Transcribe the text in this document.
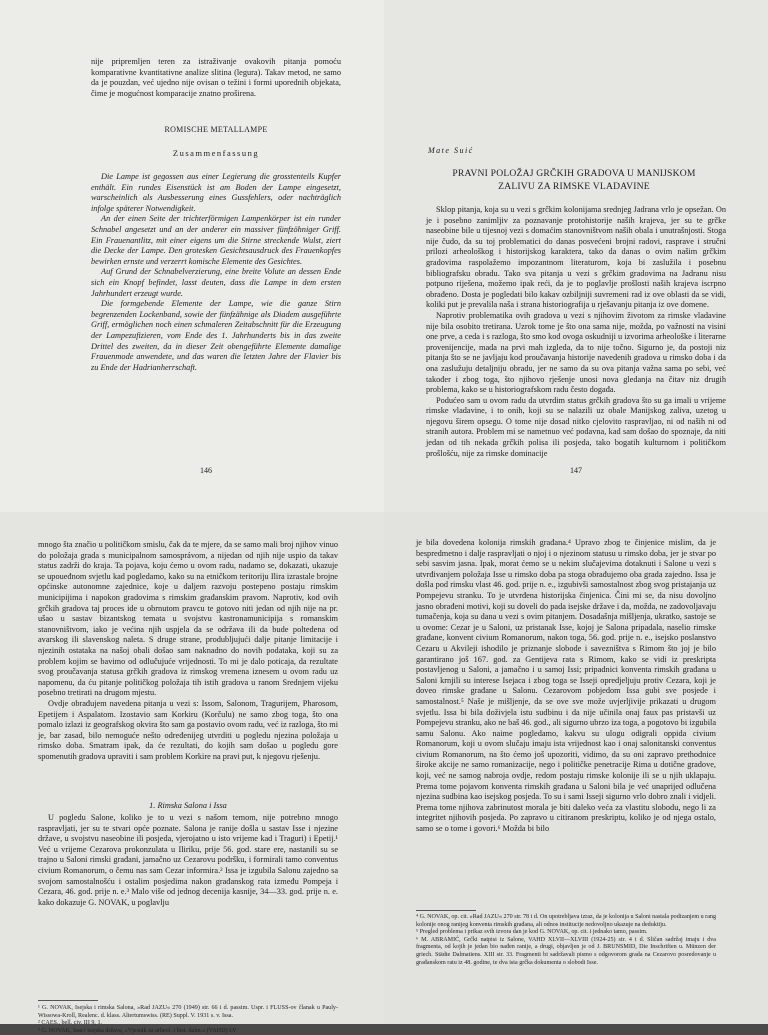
nije pripremljen teren za istraživanje ovakovih pitanja pomoću komparativne kvantitativne analize slitina (legura). Takav metod, ne samo da je pouzdan, već ujedno nije ovisan o težini i formi uporednih objekata, čime je mogućnost komparacije znatno proširena.

ROMISCHE METALLAMPE
Zusammenfassung

Die Lampe ist gegossen aus einer Legierung die grosstenteils Kupfer enthält. Ein rundes Eisenstück ist am Boden der Lampe eingesetzt, warscheinlich als Ausbesserung eines Gussfehlers, oder nachträglich infolge späterer Notwendigkeit.

An der einen Seite der trichterförmigen Lampenkörper ist ein runder Schnabel angesetzt und an der anderer ein massiver fünfzöhniger Griff. Ein Frauenantlitz, mit einer eigens um die Stirne streckende Wulst, ziert die Decke der Lampe. Den grotesken Gesichtsausdruck des Frauenkopfes bewirken ernste und verzerrt komische Elemente des Gesichtes.

Auf Grund der Schnabelverzierung, eine breite Volute an dessen Ende sich ein Knopf befindet, lasst deuten, dass die Lampe in dem ersten Jahrhundert erzeugt wurde.

Die formgebende Elemente der Lampe, wie die ganze Stirn begrenzenden Lockenband, sowie der fünfzähnige als Diadem ausgeführte Griff, ermöglichen noch einen schmaleren Zeitabschnitt für die Erzeugung der Lampezufizieren, vom Ende des 1. Jahrhunderts bis in das zweite Drittel des zweiten, da in dieser Zeit obengeführte Elemente damalige Frauenmode anwendete, und das waren die letzten Jahre der Flavier bis zu Ende der Hadrianherrschaft.

146
Mate Suić
PRAVNI POLOŽAJ GRČKIH GRADOVA U MANIJSKOM
ZALIVU ZA RIMSKE VLADAVINE

Sklop pitanja, koja su u vezi s grčkim kolonijama srednjeg Jadrana vrlo je opsežan. On je i posebno zanimljiv za poznavanje protohistorije naših krajeva, jer su te grčke naseobine bile u tijesnoj vezi s domaćim stanovništvom naših obala i unutrašnjosti. Stoga nije čudo, da su toj problematici do danas posvećeni brojni radovi, rasprave i stručni prilozi arheološkog i historijskog karaktera, tako da danas o ovim našim grčkim gradovima raspolažemo impozantnom literaturom, koja bi zaslužila i posebnu bibliografsku obradu. Tako sva pitanja u vezi s grčkim gradovima na Jadranu nisu potpuno riješena, možemo ipak reći, da je to poglavlje prošlosti naših krajeva iscrpno obrađeno. Dosta je pogledati bilo kakav ozbiljniji suvremeni rad iz ove oblasti da se vidi, koliki put je prevalila naša i strana historiografija u rješavanju pitanja iz ove domene.

Naprotiv problematika ovih gradova u vezi s njihovim životom za rimske vladavine nije bila osobito tretirana. Uzrok tome je što ona sama nije, možda, po važnosti na visini one prve, a ceda i s razloga, što smo kod ovoga oskudniji u izvorima arheološke i literarne provenijencije, mada na prvi mah izgleda, da to nije točno. Sigurno je, da postoji niz pitanja što se ne javljaju kod proučavanja historije navedenih gradova u rimsko doba i da ona zaslužuju detaljniju obradu, jer ne samo da su ova pitanja važna sama po sebi, već također i zbog toga, što njihovo rješenje unosi nova gledanja na čitav niz drugih problema, kako se u historiografskom radu često događa.

Podućeo sam u ovom radu da utvrdim status grčkih gradova što su ga imali u vrijeme rimske vladavine, i to onih, koji su se nalazili uz obale Manijskog zaliva, uzetog u njegovu širem opsegu. O tome nije dosad nitko cjelovito raspravljao, ni od naših ni od stranih autora. Problem mi se nametnuo već podavna, kad sam došao do spoznaje, da niti jedan od tih nekada grčkih polisa ili posjeda, tako bogatih kulturnom i političkom prošlošću, nije za rimske dominacije

147

mnogo šta značio u političkom smislu, čak da te mjere, da se samo mali broj njihov vinuo do položaja grada s municipalnom samosprávom, a nijedan od njih nije uspio da takav status zadrži do kraja. Ta pojava, koju ćemo u ovom radu, nadamo se, dokazati, ukazuje se upoueđnom svjetlu kad pogledamo, kako su na etničkom teritoriju Ilira izrastale brojne općinske autonomne zajednice, koje u daljem razvoju postepeno postaju rimskim municipijima i napokon gradovima s rimskim građanskim pravom. Naprotiv, kod ovih grčkih gradova taj proces ide u obrnutom pravcu te gotovo niti jedan od njih nije na pr. ušao u sastav bizantskog temata u svojstvu kastronamunicipija s romanskim stanovništvom, iako je većina njih uspjela da se održava ili da bude poltedena od avarskog ili slavenskog naleta. S druge strane, produbljujući dalje pitanje limitacije i njezinih ostataka na našoj obali došao sam naknadno do novih podataka, koji su za problem kojim se bavimo od odlučujuće vrijednosti. To mi je dalo poticaja, da rezultate svog proučavanja statusa grčkih gradova iz rimskog vremena iznesem u ovom radu uz napomenu, da ću pitanje političkog položaja tih istih gradova u ranom Srednjem vijeku posebno tretirati na drugom mjestu.

Ovdje obrađujem navedena pitanja u vezi s: Issom, Salonom, Tragurijem, Pharosom, Epetijem i Aspalatom. Izostavio sam Korkiru (Korčulu) ne samo zbog toga, što ona pomalo izlazi iz geografskog okvira što sam ga postavio ovom radu, već iz razloga, što mi je, bar zasad, bilo nemoguće nešto određenijeg utvrditi u pogledu njezina položaja u rimsko doba. Smatram ipak, da će rezultati, do kojih sam došao u pogledu gore spomenutih gradova upraviti i sam problem Korkire na pravi put, k njegovu rješenju.

1. Rimska Salona i Issa

U pogledu Salone, koliko je to u vezi s našom temom, nije potrebno mnogo raspravljati, jer su te stvari opće poznate. Salona je ranije došla u sastav Isse i njezine države, u svojstvu naseobine ili posjeda, vjerojatno u isto vrijeme kad i Traguri) i Epetij.¹ Već u vrijeme Cezarova prokonzulata u Iliriku, prije 56. god. stare ere, nastanili su se trajno u Saloni rimski građani, jamačno uz Cezarovu podršku, i formirali tamo conventus civium Romanorum, o čemu nas sam Cezar informira.² Issa je izgubila Salonu zajedno sa svojom samostalnošću i ostalim posjedima nakon građanskog rata između Pompeja i Cezara, 46. god. prije n. e.³ Malo više od jednog decenija kasnije, 34—33. god. prije n. e. kako dokazuje G. NOVAK, u poglavlju

¹ G. NOVAK, Isejska i rimska Salona, »Rad JAZU« 270 (1949) str. 66 i d. passim. Uspr. i FLUSS-ov članak u Pauly-Wissowa-Kroll, Realenc. d. klass. Altertumswiss. (RE) Suppl. V. 1931 s. v. Issa.

² CAES., bell. civ. III 9, 1.

³ G. NOVAK, Issa i isejska država, »Vjesnik za arheol. i hist. dalm.« (VAHD) LV

je bila dovedena kolonija rimskih građana.⁴ Upravo zbog te činjenice mislim, da je bespredmetno i dalje raspravljati o njoj i o njezinom statusu u rimsko doba, jer je stvar po sebi sasvim jasna. Ipak, morat ćemo se u nekim slučajevima dotaknuti i Salone u vezi s utvrđivanjem položaja Isse u rimsko doba pa stoga obrađujemo oba grada zajedno. Issa je došla pod rimsku vlast 46. god. prije n. e., izgubivši samostalnost zbog svog pristajanja uz Pompejevu stranku. To je utvrđena historijska činjenica. Čini mi se, da nisu dovoljno jasno obrađeni motivi, koji su doveli do pada isejske države i da, možda, ne zadovoljavaju tumačenja, koja su dana u vezi s ovim pitanjem. Dosadašnja mišljenja, ukratko, sastoje se u ovome: Cezar je u Saloni, uz pristanak Isse, kojoj je Salona pripadala, naselio rimske građane, konvent civium Romanorum, nakon toga, 56. god. prije n. e., isejsko poslanstvo Cezaru u Akvileji ishodilo je priznanje slobode i savezništva s Rimom što joj je bilo garantirano još 167. god. za Gentijeva rata s Rimom, kako se vidi iz preskripta postavljenog u Saloni, a jamačno i u samoj Issi; pripadnici konventa rimskih građana u Saloni krnjili su interese Isejaca i zbog toga se Isseji opredjeljuju protiv Cezara, koji je doveo rimske građane u Salonu. Cezarovom pobjedom Issa gubi sve posjede i samostalnost.⁵ Naše je mišljenje, da se ove sve može uvjerljivije prikazati u drugom svjetlu. Issa bi bila doživjela istu sudbinu i da nije učinila onaj faux pas pristavši uz Pompejevu stranku, ako ne baš 46. god., ali sigurno ubrzo iza toga, a pogotovo bi izgubila samu Salonu. Ako naime pogledamo, kakvu su ulogu odigrali oppida civium Romanorum, koji u ovom slučaju imaju ista vrijednost kao i onaj salonitanski conventus civium Romanorum, na što ćemo još upozoriti, vidimo, da su oni zapravo prethodnice široke akcije ne samo romanizacije, nego i političke penetracije Rima u dotične gradove, koji, već ne samog nabroja ovdje, redom postaju rimske kolonije ili se u njih uklapaju. Prema tome pojavom konventa rimskih građana u Saloni bila je već unaprijed odlučena njezina sudbina kao isejskog posjeda. To su i sami Isseji sigurno vrlo dobro znali i vidjeli. Prema tome njihova zabrinutost morala je biti daleko veća za vlastitu slobodu, nego li za integritet njihovih posjeda. Po zapravo u citiranom preskriptu, koliko je od njega ostalo, samo se o tome i govori.⁶ Možda bi bilo

⁴ G. NOVAK, op. cit. »Rad JAZU« 270 str. 78 i d. On upotrebljava izraz, da je kolonija u Saloni nastala podizanjem u rang kolonije onog ranijeg konventa rimskih građana, ali odnos institucije nedovoljno ukazuje na deduktiju.

⁵ Pregled problema i prikaz svih izvora dan je kod G. NOVAK, op. cit. i jednako tamo, passim.

⁶ M. ABRAMIĆ, Grčki natpisi iz Salone, VAHD XLVII—XLVIII (1924-25) str. 4 i d. Sličan sadržaj imaju i dva fragmenta, od kojih je jedan bio nađen ranije, a drugi, objavljen je od J. BRUNSMID, Die Inschriften u. Münzen der griech. Städte Dalmatiens. XIII str. 33. Fragmenti bi sadržavali pismo s odgovorom grada na Cezarovo posredovanje u građanskom ratu iz 48. godine, te dva ista grčka dokumenta o slobodi Isse.
